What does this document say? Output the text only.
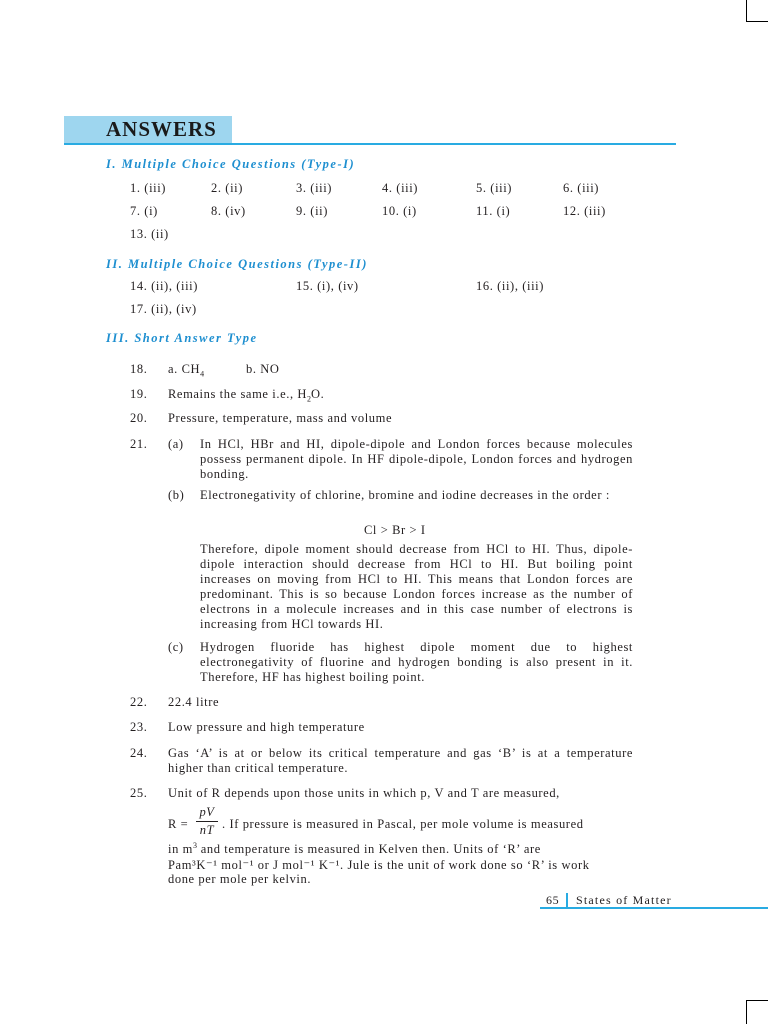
ANSWERS
I. Multiple Choice Questions (Type-I)
1. (iii)	2. (ii)	3. (iii)	4. (iii)	5. (iii)	6. (iii)
7. (i)	8. (iv)	9. (ii)	10. (i)	11. (i)	12. (iii)
13. (ii)
II. Multiple Choice Questions (Type-II)
14. (ii), (iii)	15. (i), (iv)	16. (ii), (iii)
17. (ii), (iv)
III. Short Answer Type
18. a. $CH_4$	b. NO
19. Remains the same i.e., $H_2O$.
20. Pressure, temperature, mass and volume
21. (a) In HCl, HBr and HI, dipole-dipole and London forces because molecules possess permanent dipole. In HF dipole-dipole, London forces and hydrogen bonding.
(b) Electronegativity of chlorine, bromine and iodine decreases in the order :
Cl > Br > I
Therefore, dipole moment should decrease from HCl to HI. Thus, dipole-dipole interaction should decrease from HCl to HI. But boiling point increases on moving from HCl to HI. This means that London forces are predominant. This is so because London forces increase as the number of electrons in a molecule increases and in this case number of electrons is increasing from HCl towards HI.
(c) Hydrogen fluoride has highest dipole moment due to highest electronegativity of fluorine and hydrogen bonding is also present in it. Therefore, HF has highest boiling point.
22. 22.4 litre
23. Low pressure and high temperature
24. Gas ‘A’ is at or below its critical temperature and gas ‘B’ is at a temperature higher than critical temperature.
25. Unit of R depends upon those units in which p, V and T are measured,
R =
pV
nT . If pressure is measured in Pascal, per mole volume is measured
in $m^3$ and temperature is measured in Kelven then. Units of ‘R’ are
Pam³K⁻¹ mol⁻¹ or J mol⁻¹ K⁻¹. Jule is the unit of work done so ‘R’ is work
done per mole per kelvin.
65 States of Matter
